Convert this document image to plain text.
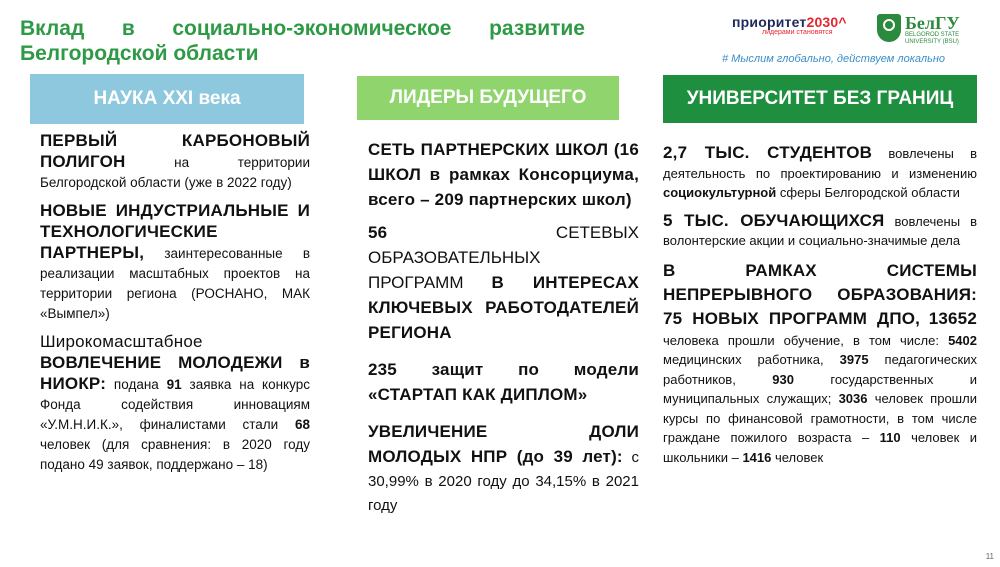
Вклад в социально-экономическое развитие
Белгородской области
приоритет2030^
лидерами становятся	БелГУ
BELGOROD STATE
UNIVERSITY (BSU)
# Мыслим глобально, действуем локально
НАУКА XXI века	ЛИДЕРЫ БУДУЩЕГО	УНИВЕРСИТЕТ БЕЗ ГРАНИЦ

ПЕРВЫЙ КАРБОНОВЫЙ ПОЛИГОН	на территории Белгородской области (уже в 2022 году)

НОВЫЕ ИНДУСТРИАЛЬНЫЕ И ТЕХНОЛОГИЧЕСКИЕ ПАРТНЕРЫ, заинтересованные в реализации масштабных проектов на территории региона (РОСНАНО, МАК «Вымпел»)

Широкомасштабное ВОВЛЕЧЕНИЕ МОЛОДЕЖИ в НИОКР: подана 91 заявка на конкурс Фонда содействия инновациям «У.М.Н.И.К.», финалистами стали 68 человек (для сравнения: в 2020 году подано 49 заявок, поддержано – 18)

СЕТЬ ПАРТНЕРСКИХ ШКОЛ (16 ШКОЛ в рамках Консорциума, всего – 209 партнерских школ)

56	СЕТЕВЫХ ОБРАЗОВАТЕЛЬНЫХ ПРОГРАММ В ИНТЕРЕСАХ КЛЮЧЕВЫХ РАБОТОДАТЕЛЕЙ РЕГИОНА

235 защит по модели «СТАРТАП КАК ДИПЛОМ»

УВЕЛИЧЕНИЕ ДОЛИ МОЛОДЫХ НПР (до 39 лет): с 30,99% в 2020 году до 34,15% в 2021 году

2,7 ТЫС. СТУДЕНТОВ вовлечены в деятельность по проектированию и изменению социокультурной сферы Белгородской области

5 ТЫС. ОБУЧАЮЩИХСЯ вовлечены в волонтерские акции и социально-значимые дела

В РАМКАХ СИСТЕМЫ НЕПРЕРЫВНОГО ОБРАЗОВАНИЯ: 75 НОВЫХ ПРОГРАММ ДПО, 13652 человека прошли обучение, в том числе: 5402 медицинских работника, 3975 педагогических работников,	930	государственных и муниципальных служащих; 3036 человек прошли курсы по финансовой грамотности, в том числе граждане пожилого возраста – 110 человек и школьники – 1416 человек

11
